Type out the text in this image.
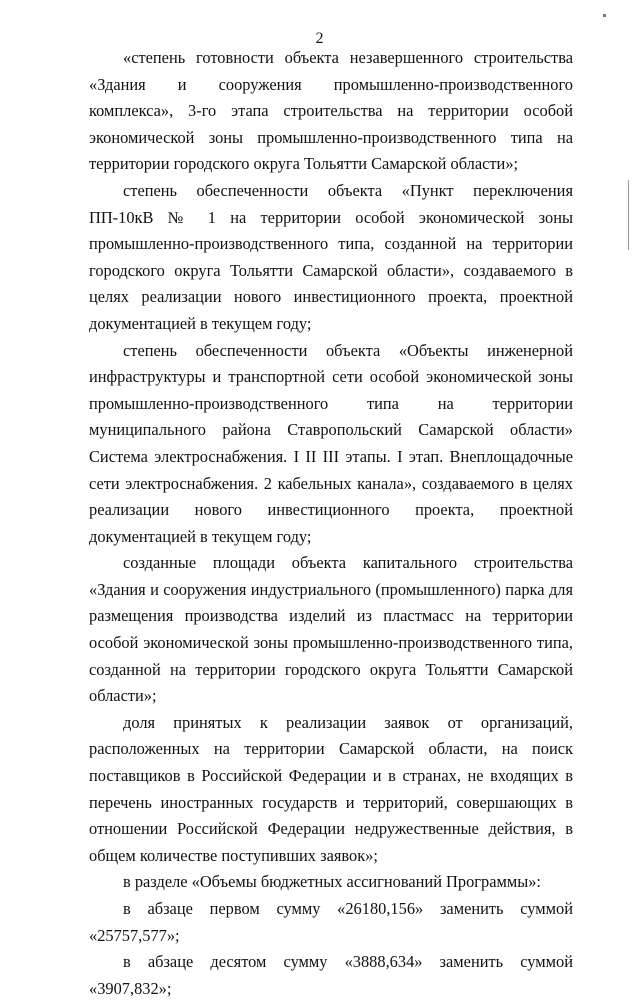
2

«степень готовности объекта незавершенного строительства «Здания и сооружения промышленно-производственного комплекса», 3-го этапа строительства на территории особой экономической зоны промышленно-производственного типа на территории городского округа Тольятти Самарской области»;

степень обеспеченности объекта «Пункт переключения ПП-10кВ № 1 на территории особой экономической зоны промышленно-производственного типа, созданной на территории городского округа Тольятти Самарской области», создаваемого в целях реализации нового инвестиционного проекта, проектной документацией в текущем году;

степень обеспеченности объекта «Объекты инженерной инфраструктуры и транспортной сети особой экономической зоны промышленно-производственного типа на территории муниципального района Ставропольский Самарской области» Система электроснабжения. I II III этапы. I этап. Внеплощадочные сети электроснабжения. 2 кабельных канала», создаваемого в целях реализации нового инвестиционного проекта, проектной документацией в текущем году;

созданные площади объекта капитального строительства «Здания и сооружения индустриального (промышленного) парка для размещения производства изделий из пластмасс на территории особой экономической зоны промышленно-производственного типа, созданной на территории городского округа Тольятти Самарской области»;

доля принятых к реализации заявок от организаций, расположенных на территории Самарской области, на поиск поставщиков в Российской Федерации и в странах, не входящих в перечень иностранных государств и территорий, совершающих в отношении Российской Федерации недружественные действия, в общем количестве поступивших заявок»;

в разделе «Объемы бюджетных ассигнований Программы»:

в абзаце первом сумму «26180,156» заменить суммой «25757,577»;

в абзаце десятом сумму «3888,634» заменить суммой «3907,832»;
